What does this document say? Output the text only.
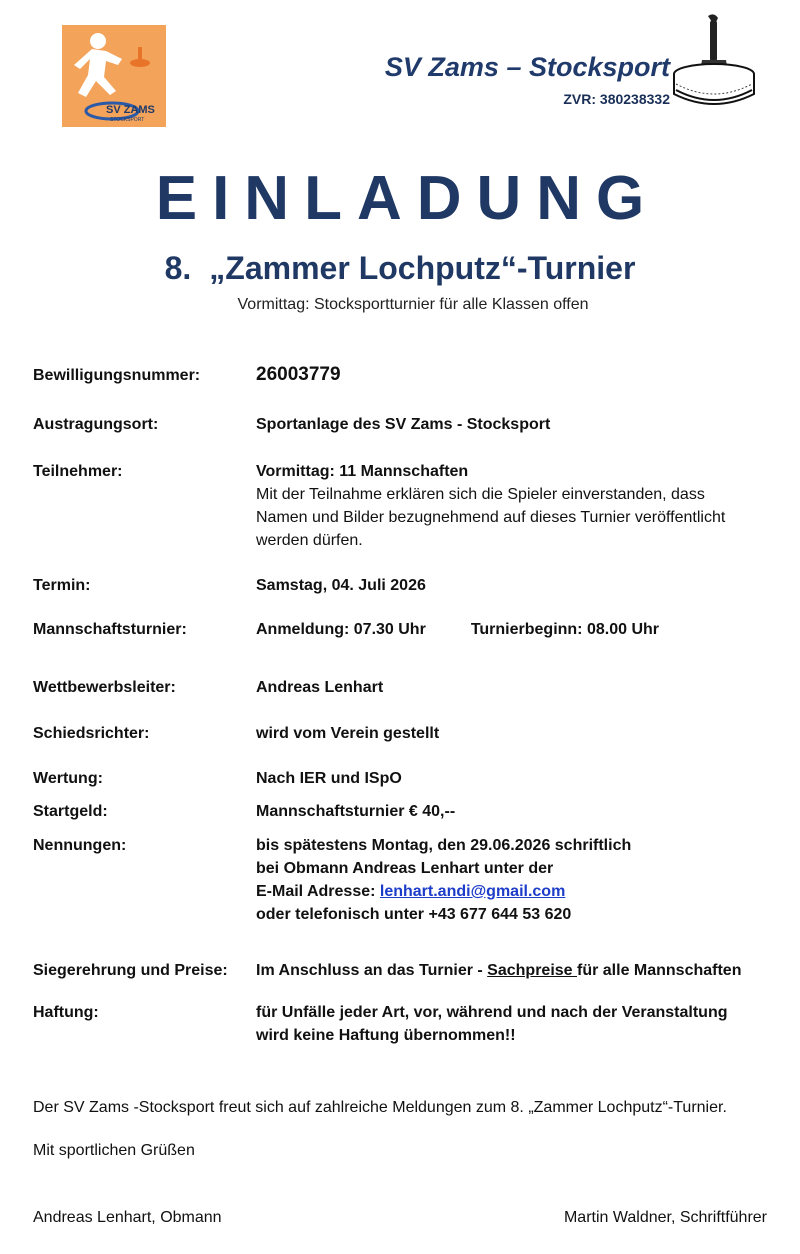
SV ZAMS
STOCKSPORT
SV Zams – Stocksport
ZVR: 380238332
EINLADUNG
8. „Zammer Lochputz“-Turnier
Vormittag: Stocksportturnier für alle Klassen offen
Bewilligungsnummer:	26003779
Austragungsort:	Sportanlage des SV Zams - Stocksport
Teilnehmer:	Vormittag: 11 Mannschaften
Mit der Teilnahme erklären sich die Spieler einverstanden, dass
Namen und Bilder bezugnehmend auf dieses Turnier veröffentlicht
werden dürfen.
Termin:	Samstag, 04. Juli 2026
Mannschaftsturnier:	Anmeldung: 07.30 Uhr	Turnierbeginn: 08.00 Uhr
Wettbewerbsleiter:	Andreas Lenhart
Schiedsrichter:	wird vom Verein gestellt
Wertung:	Nach IER und ISpO
Startgeld:	Mannschaftsturnier € 40,--
Nennungen:	bis spätestens Montag, den 29.06.2026 schriftlich
bei Obmann Andreas Lenhart unter der
E-Mail Adresse: lenhart.andi@gmail.com
oder telefonisch unter +43 677 644 53 620
Siegerehrung und Preise:	Im Anschluss an das Turnier - Sachpreise für alle Mannschaften
Haftung:	für Unfälle jeder Art, vor, während und nach der Veranstaltung
wird keine Haftung übernommen!!
Der SV Zams -Stocksport freut sich auf zahlreiche Meldungen zum 8. „Zammer Lochputz“-Turnier.
Mit sportlichen Grüßen
Andreas Lenhart, Obmann	Martin Waldner, Schriftführer
